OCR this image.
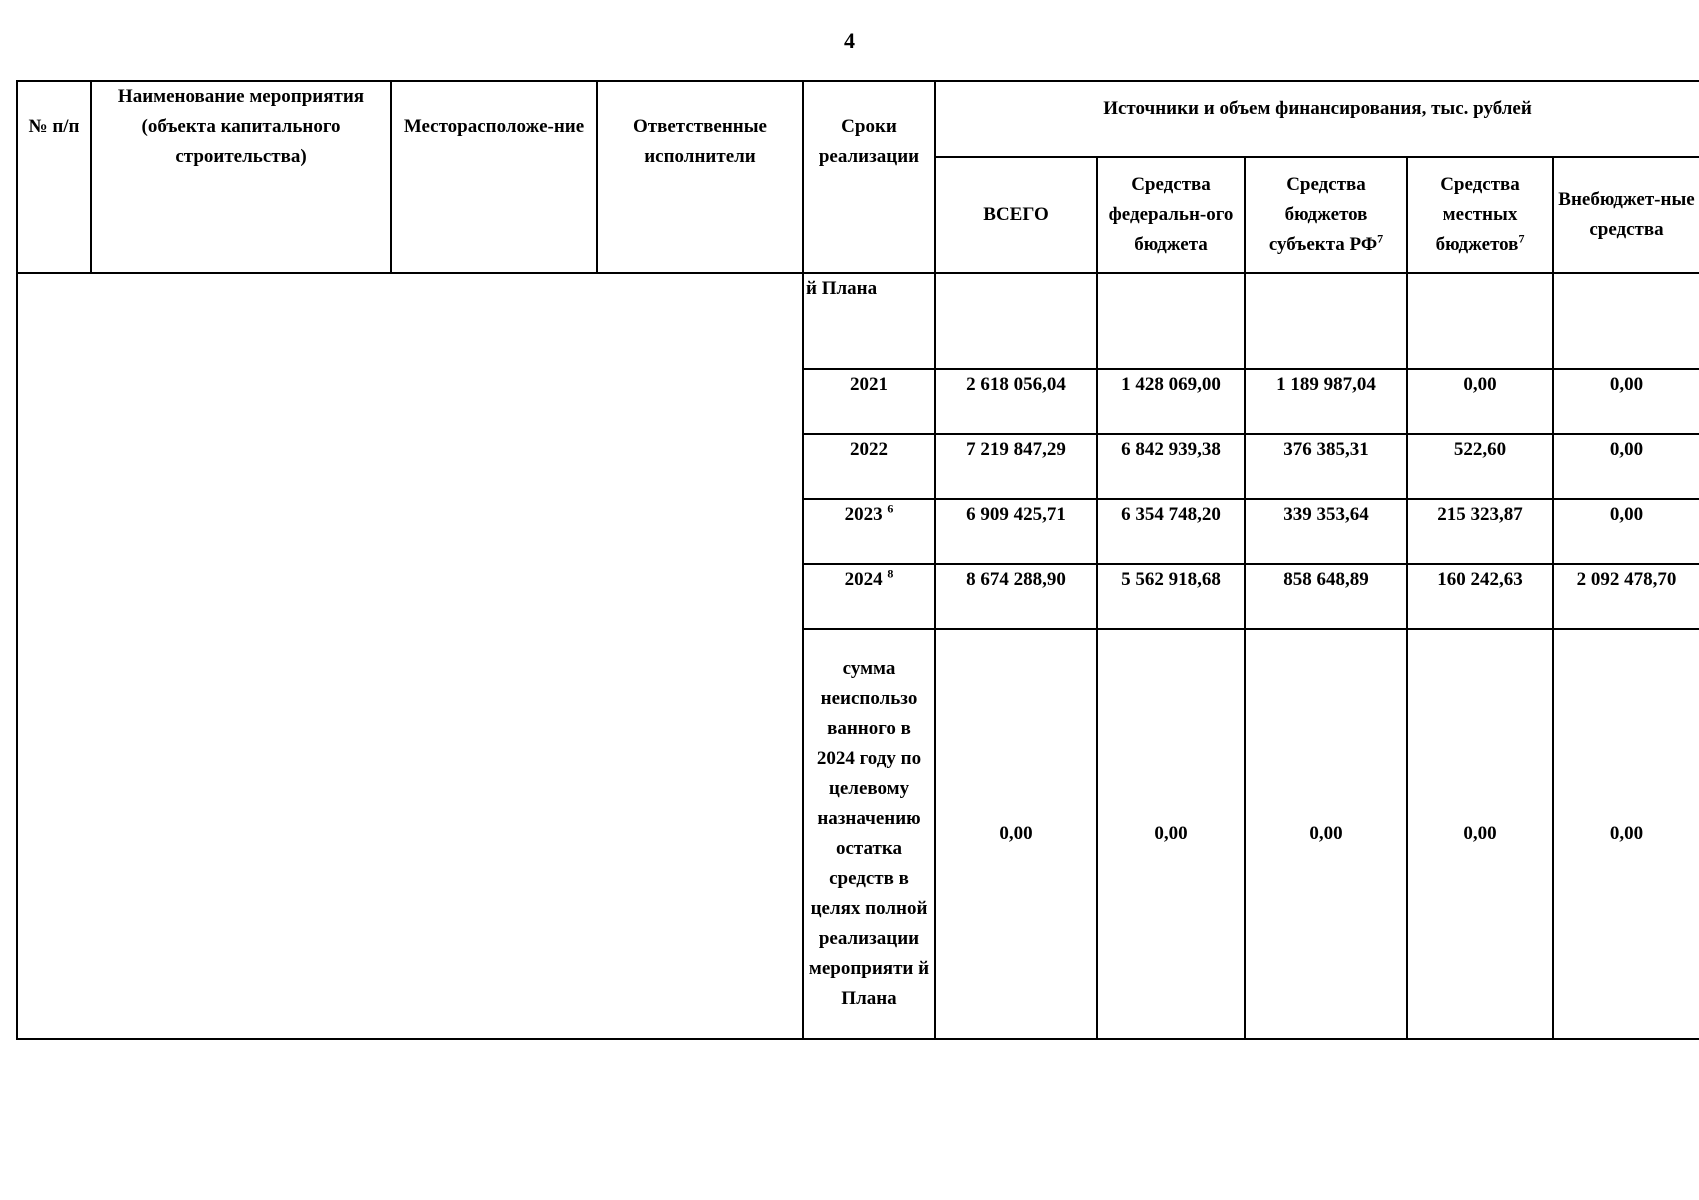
4
№ п/п	Наименование мероприятия (объекта капитального строительства)	Месторасположе-ние	Ответственные исполнители	Сроки реализации	Источники и объем финансирования, тыс. рублей				
					ВСЕГО	Средства федеральн-ого бюджета	Средства бюджетов субъекта $РФ^7$	Средства местных бюджетов$^7$	Внебюджет-ные средства
				й Плана					
				2021	2 618 056,04	1 428 069,00	1 189 987,04	0,00	0,00
				2022	7 219 847,29	6 842 939,38	376 385,31	522,60	0,00
				2023 $^6$	6 909 425,71	6 354 748,20	339 353,64	215 323,87	0,00
				2024 $^8$	8 674 288,90	5 562 918,68	858 648,89	160 242,63	2 092 478,70
				сумма неиспользо ванного в 2024 году по целевому назначению остатка средств в целях полной реализации мероприяти й Плана	0,00	0,00	0,00	0,00	0,00
